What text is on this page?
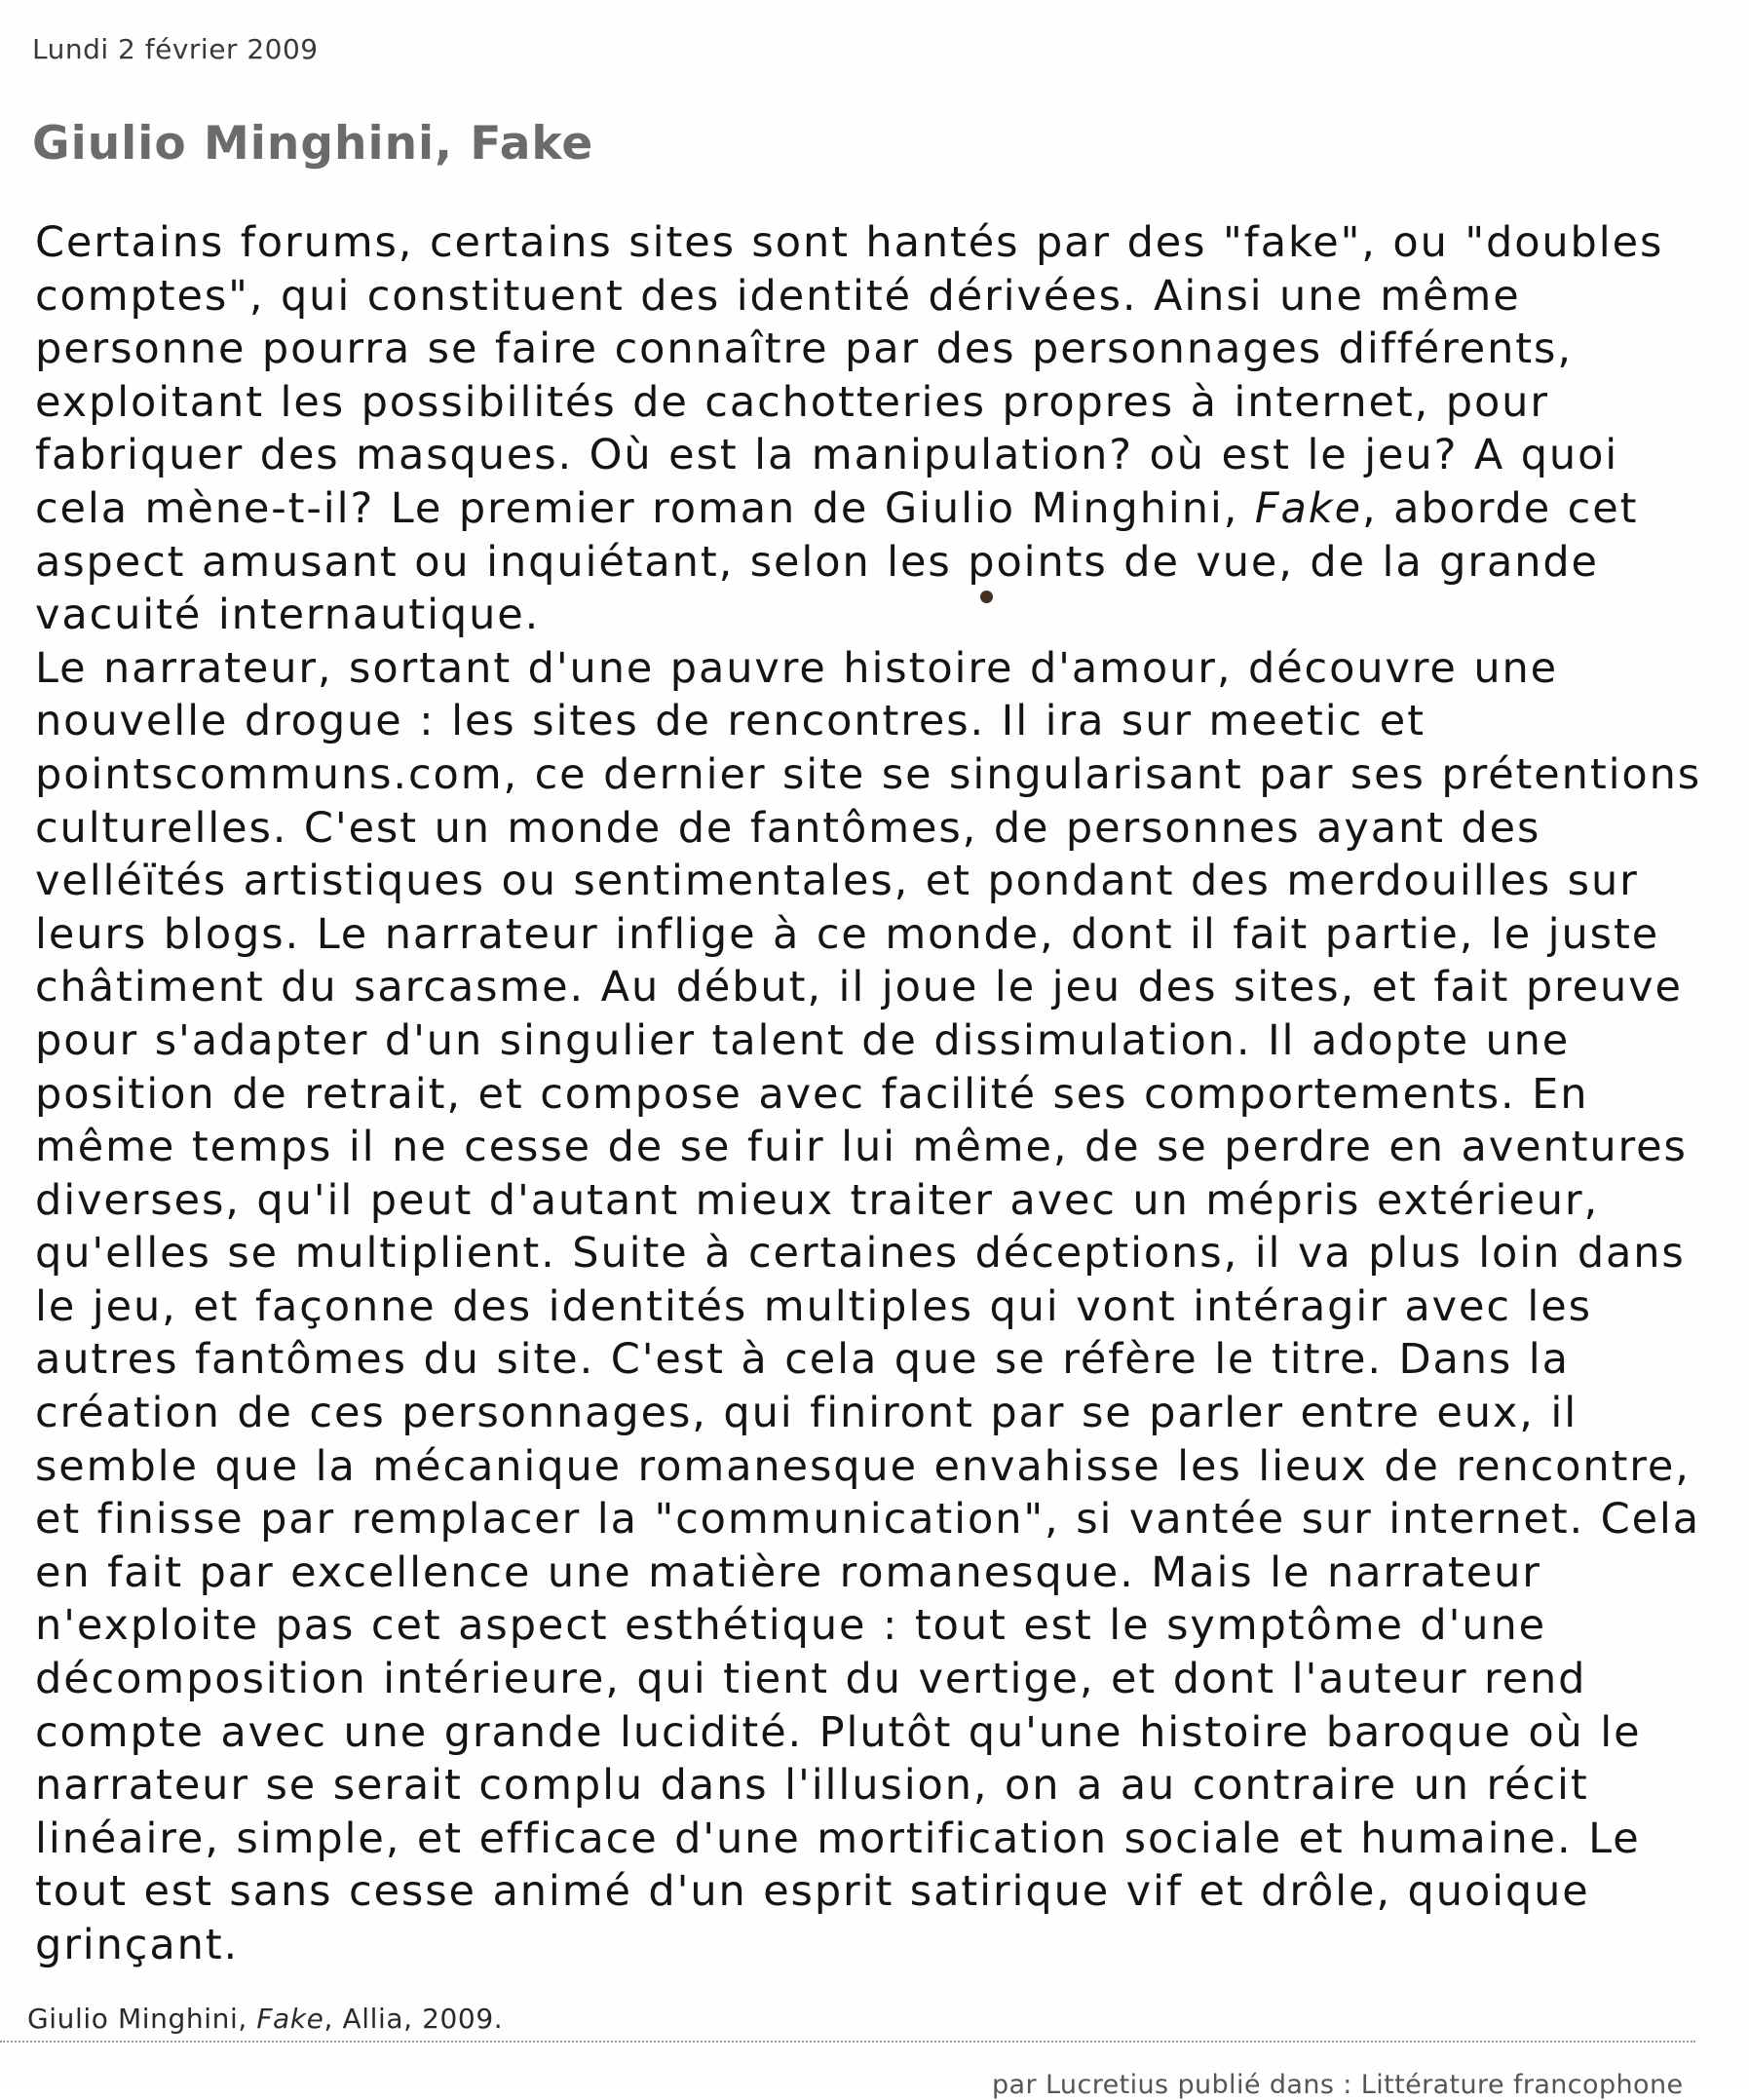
Lundi 2 février 2009
Giulio Minghini, Fake

Certains forums, certains sites sont hantés par des "fake", ou "doubles
comptes", qui constituent des identité dérivées. Ainsi une même
personne pourra se faire connaître par des personnages différents,
exploitant les possibilités de cachotteries propres à internet, pour
fabriquer des masques. Où est la manipulation? où est le jeu? A quoi
cela mène-t-il? Le premier roman de Giulio Minghini, Fake, aborde cet
aspect amusant ou inquiétant, selon les points de vue, de la grande
vacuité internautique.
Le narrateur, sortant d'une pauvre histoire d'amour, découvre une
nouvelle drogue : les sites de rencontres. Il ira sur meetic et
pointscommuns.com, ce dernier site se singularisant par ses prétentions
culturelles. C'est un monde de fantômes, de personnes ayant des
velléïtés artistiques ou sentimentales, et pondant des merdouilles sur
leurs blogs. Le narrateur inflige à ce monde, dont il fait partie, le juste
châtiment du sarcasme. Au début, il joue le jeu des sites, et fait preuve
pour s'adapter d'un singulier talent de dissimulation. Il adopte une
position de retrait, et compose avec facilité ses comportements. En
même temps il ne cesse de se fuir lui même, de se perdre en aventures
diverses, qu'il peut d'autant mieux traiter avec un mépris extérieur,
qu'elles se multiplient. Suite à certaines déceptions, il va plus loin dans
le jeu, et façonne des identités multiples qui vont intéragir avec les
autres fantômes du site. C'est à cela que se réfère le titre. Dans la
création de ces personnages, qui finiront par se parler entre eux, il
semble que la mécanique romanesque envahisse les lieux de rencontre,
et finisse par remplacer la "communication", si vantée sur internet. Cela
en fait par excellence une matière romanesque. Mais le narrateur
n'exploite pas cet aspect esthétique : tout est le symptôme d'une
décomposition intérieure, qui tient du vertige, et dont l'auteur rend
compte avec une grande lucidité. Plutôt qu'une histoire baroque où le
narrateur se serait complu dans l'illusion, on a au contraire un récit
linéaire, simple, et efficace d'une mortification sociale et humaine. Le
tout est sans cesse animé d'un esprit satirique vif et drôle, quoique
grinçant.

Giulio Minghini, Fake, Allia, 2009.
par Lucretius publié dans : Littérature francophone
